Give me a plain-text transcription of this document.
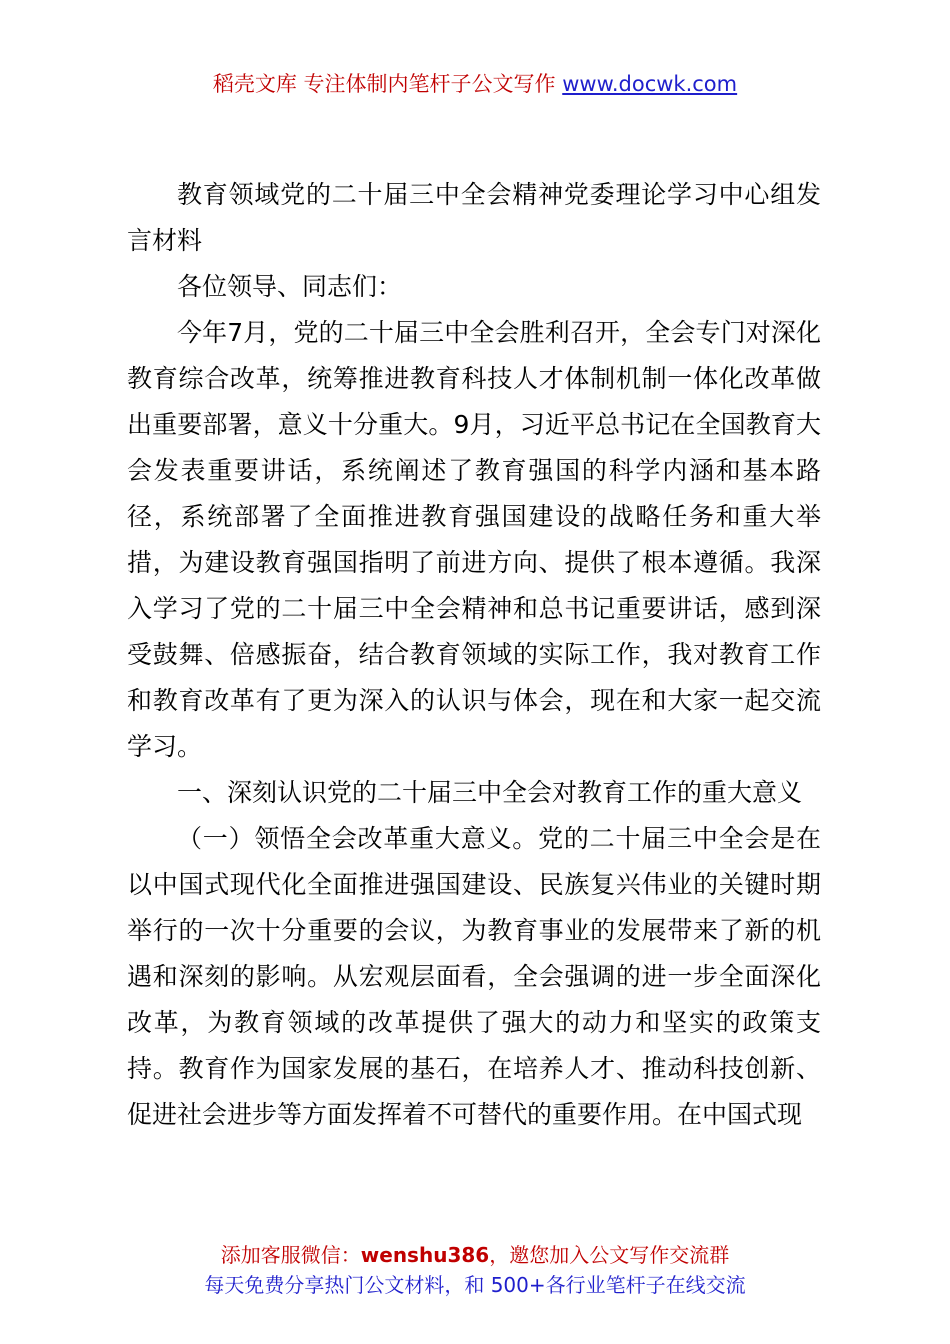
稻壳文库 专注体制内笔杆子公文写作 www.docwk.com

教育领域党的二十届三中全会精神党委理论学习中心组发言材料

各位领导、同志们：

今年7月，党的二十届三中全会胜利召开，全会专门对深化教育综合改革，统筹推进教育科技人才体制机制一体化改革做出重要部署，意义十分重大。9月，习近平总书记在全国教育大会发表重要讲话，系统阐述了教育强国的科学内涵和基本路径，系统部署了全面推进教育强国建设的战略任务和重大举措，为建设教育强国指明了前进方向、提供了根本遵循。我深入学习了党的二十届三中全会精神和总书记重要讲话，感到深受鼓舞、倍感振奋，结合教育领域的实际工作，我对教育工作和教育改革有了更为深入的认识与体会，现在和大家一起交流学习。

一、深刻认识党的二十届三中全会对教育工作的重大意义

（一）领悟全会改革重大意义。党的二十届三中全会是在以中国式现代化全面推进强国建设、民族复兴伟业的关键时期举行的一次十分重要的会议，为教育事业的发展带来了新的机遇和深刻的影响。从宏观层面看，全会强调的进一步全面深化改革，为教育领域的改革提供了强大的动力和坚实的政策支持。教育作为国家发展的基石，在培养人才、推动科技创新、促进社会进步等方面发挥着不可替代的重要作用。在中国式现

添加客服微信：wenshu386，邀您加入公文写作交流群
每天免费分享热门公文材料，和 500+各行业笔杆子在线交流
